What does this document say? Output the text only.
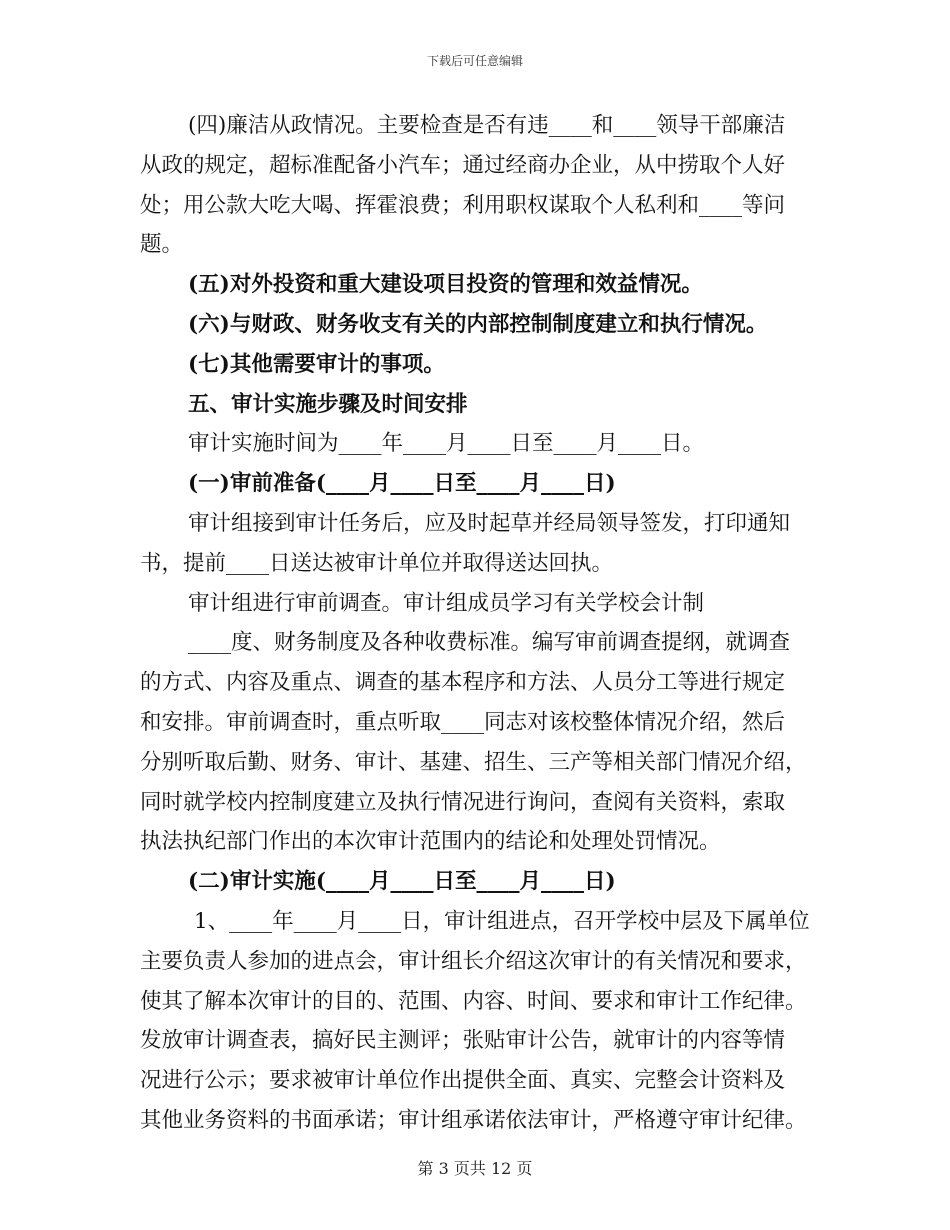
下载后可任意编辑
(四)廉洁从政情况。主要检查是否有违____和____领导干部廉洁
从政的规定，超标准配备小汽车；通过经商办企业，从中捞取个人好
处；用公款大吃大喝、挥霍浪费；利用职权谋取个人私利和____等问
题。
(五)对外投资和重大建设项目投资的管理和效益情况。
(六)与财政、财务收支有关的内部控制制度建立和执行情况。
(七)其他需要审计的事项。
五、审计实施步骤及时间安排
审计实施时间为____年____月____日至____月____日。
(一)审前准备(____月____日至____月____日)
审计组接到审计任务后，应及时起草并经局领导签发，打印通知
书，提前____日送达被审计单位并取得送达回执。
审计组进行审前调查。审计组成员学习有关学校会计制
____度、财务制度及各种收费标准。编写审前调查提纲，就调查
的方式、内容及重点、调查的基本程序和方法、人员分工等进行规定
和安排。审前调查时，重点听取____同志对该校整体情况介绍，然后
分别听取后勤、财务、审计、基建、招生、三产等相关部门情况介绍，
同时就学校内控制度建立及执行情况进行询问，查阅有关资料，索取
执法执纪部门作出的本次审计范围内的结论和处理处罚情况。
(二)审计实施(____月____日至____月____日)
1、____年____月____日，审计组进点，召开学校中层及下属单位
主要负责人参加的进点会，审计组长介绍这次审计的有关情况和要求，
使其了解本次审计的目的、范围、内容、时间、要求和审计工作纪律。
发放审计调查表，搞好民主测评；张贴审计公告，就审计的内容等情
况进行公示；要求被审计单位作出提供全面、真实、完整会计资料及
其他业务资料的书面承诺；审计组承诺依法审计，严格遵守审计纪律。
第 3 页共 12 页
